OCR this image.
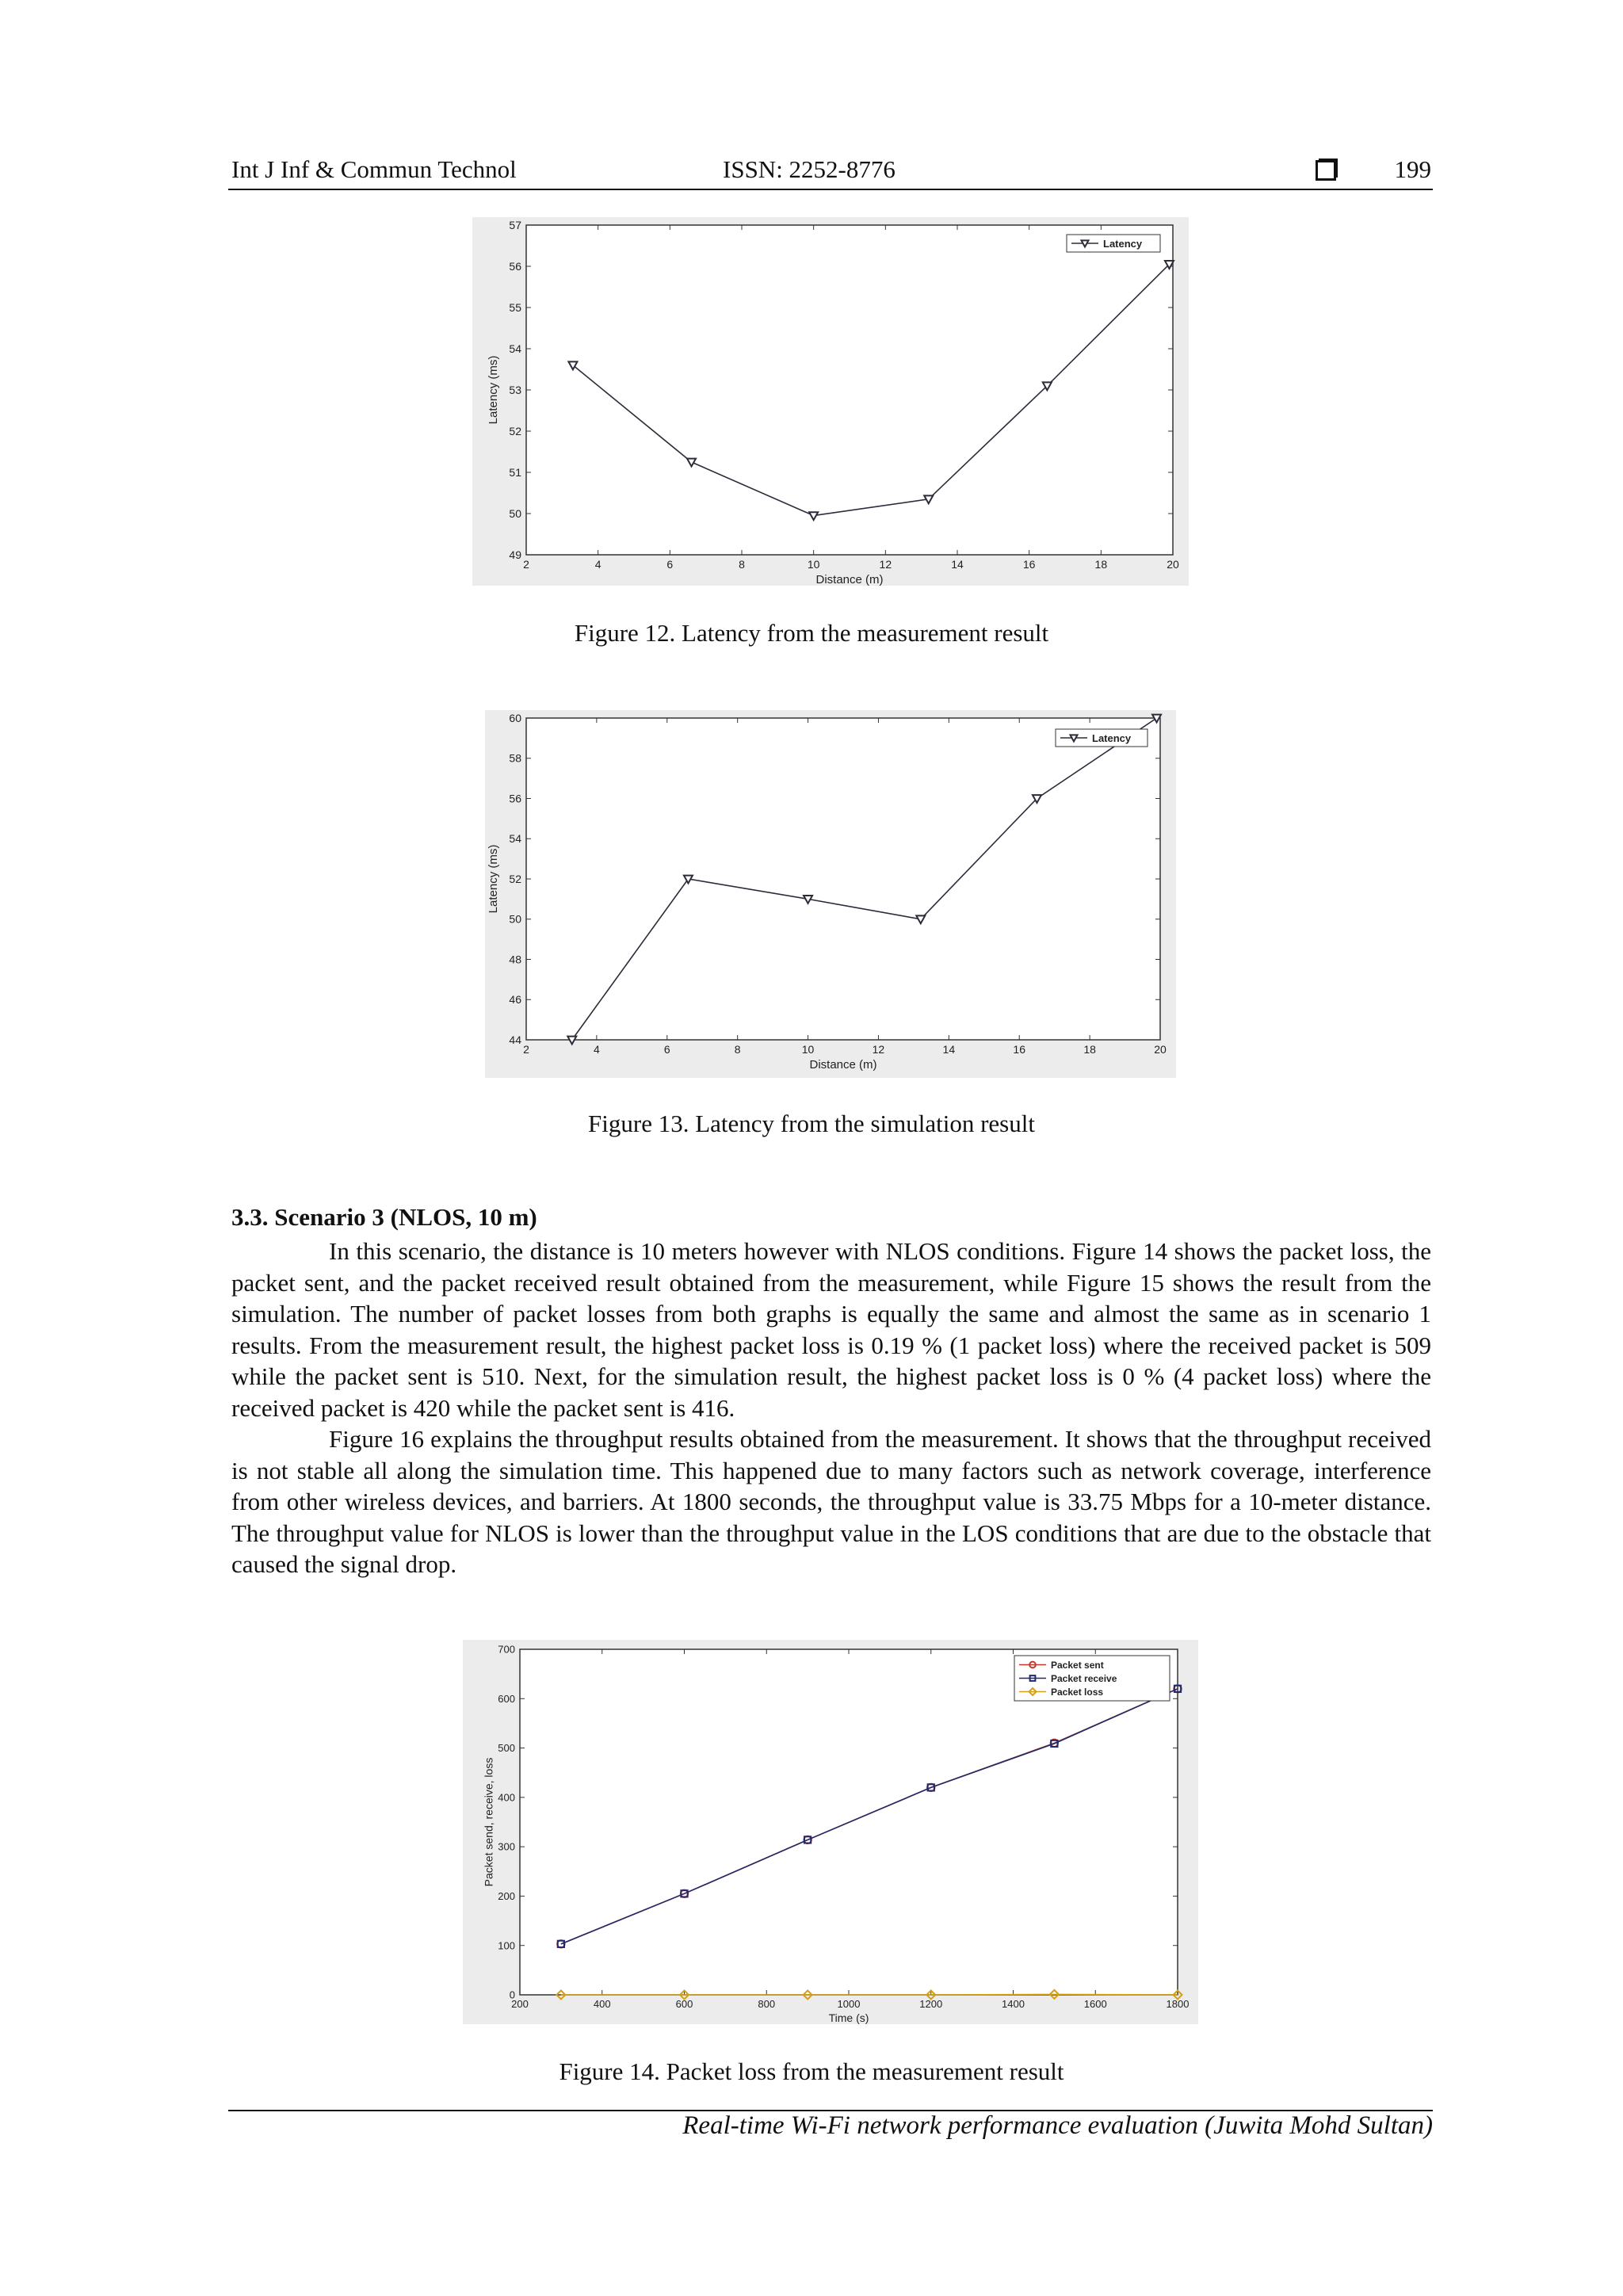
Int J Inf & Commun Technol	ISSN: 2252-8776	199
2	4	6	8	10	12	14	16	18	20
49
50
51
52
53
54
55
56
57
Distance (m)
Latency (ms)
Latency
Figure 12. Latency from the measurement result
2	4	6	8	10	12	14	16	18	20
44
46
48
50
52
54
56
58
60
Distance (m)
Latency (ms)
Latency
Figure 13. Latency from the simulation result
3.3. Scenario 3 (NLOS, 10 m)

In this scenario, the distance is 10 meters however with NLOS conditions. Figure 14 shows the packet loss, the packet sent, and the packet received result obtained from the measurement, while Figure 15 shows the result from the simulation. The number of packet losses from both graphs is equally the same and almost the same as in scenario 1 results. From the measurement result, the highest packet loss is 0.19 % (1 packet loss) where the received packet is 509 while the packet sent is 510. Next, for the simulation result, the highest packet loss is 0 % (4 packet loss) where the received packet is 420 while the packet sent is 416.

Figure 16 explains the throughput results obtained from the measurement. It shows that the throughput received is not stable all along the simulation time. This happened due to many factors such as network coverage, interference from other wireless devices, and barriers. At 1800 seconds, the throughput value is 33.75 Mbps for a 10-meter distance. The throughput value for NLOS is lower than the throughput value in the LOS conditions that are due to the obstacle that caused the signal drop.

200	400	600	800	1000	1200	1400	1600	1800
0
100
200
300
400
500
600
700
Time (s)
Packet send, receive, loss
Packet sent
Packet receive
Packet loss
Figure 14. Packet loss from the measurement result
Real-time Wi-Fi network performance evaluation (Juwita Mohd Sultan)
